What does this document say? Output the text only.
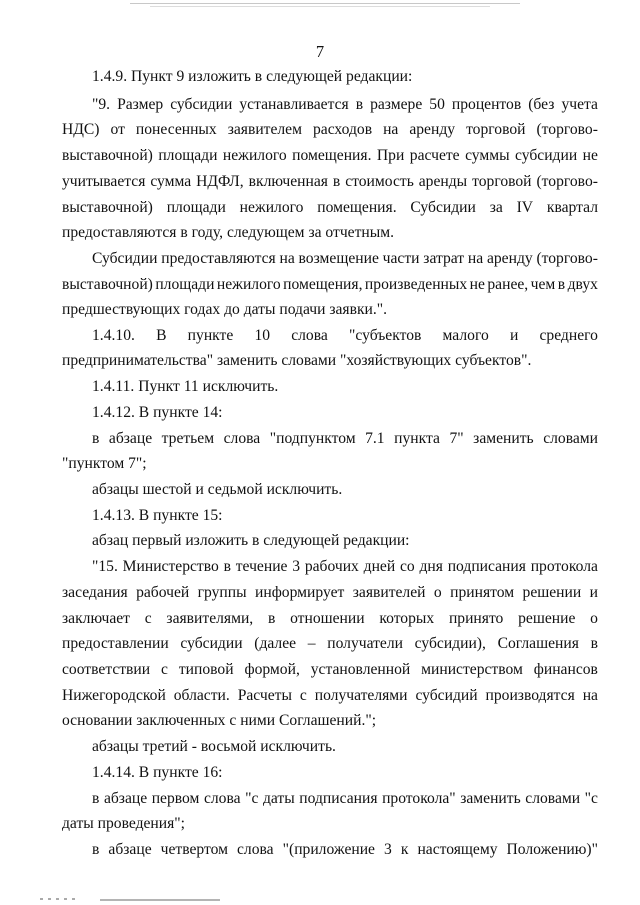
7
1.4.9. Пункт 9 изложить в следующей редакции:
"9. Размер субсидии устанавливается в размере 50 процентов (без учета
НДС) от понесенных заявителем расходов на аренду торговой (торгово-
выставочной) площади нежилого помещения. При расчете суммы субсидии не
учитывается сумма НДФЛ, включенная в стоимость аренды торговой (торгово-
выставочной) площади нежилого помещения. Субсидии за IV квартал
предоставляются в году, следующем за отчетным.
Субсидии предоставляются на возмещение части затрат на аренду (торгово-
выставочной) площади нежилого помещения, произведенных не ранее, чем в двух
предшествующих годах до даты подачи заявки.".
1.4.10. В пункте 10 слова "субъектов малого и среднего
предпринимательства" заменить словами "хозяйствующих субъектов".
1.4.11. Пункт 11 исключить.
1.4.12. В пункте 14:
в абзаце третьем слова "подпунктом 7.1 пункта 7" заменить словами
"пунктом 7";
абзацы шестой и седьмой исключить.
1.4.13. В пункте 15:
абзац первый изложить в следующей редакции:
"15. Министерство в течение 3 рабочих дней со дня подписания протокола
заседания рабочей группы информирует заявителей о принятом решении и
заключает с заявителями, в отношении которых принято решение о
предоставлении субсидии (далее – получатели субсидии), Соглашения в
соответствии с типовой формой, установленной министерством финансов
Нижегородской области. Расчеты с получателями субсидий производятся на
основании заключенных с ними Соглашений.";
абзацы третий - восьмой исключить.
1.4.14. В пункте 16:
в абзаце первом слова "с даты подписания протокола" заменить словами "с
даты проведения";
в абзаце четвертом слова "(приложение 3 к настоящему Положению)"
